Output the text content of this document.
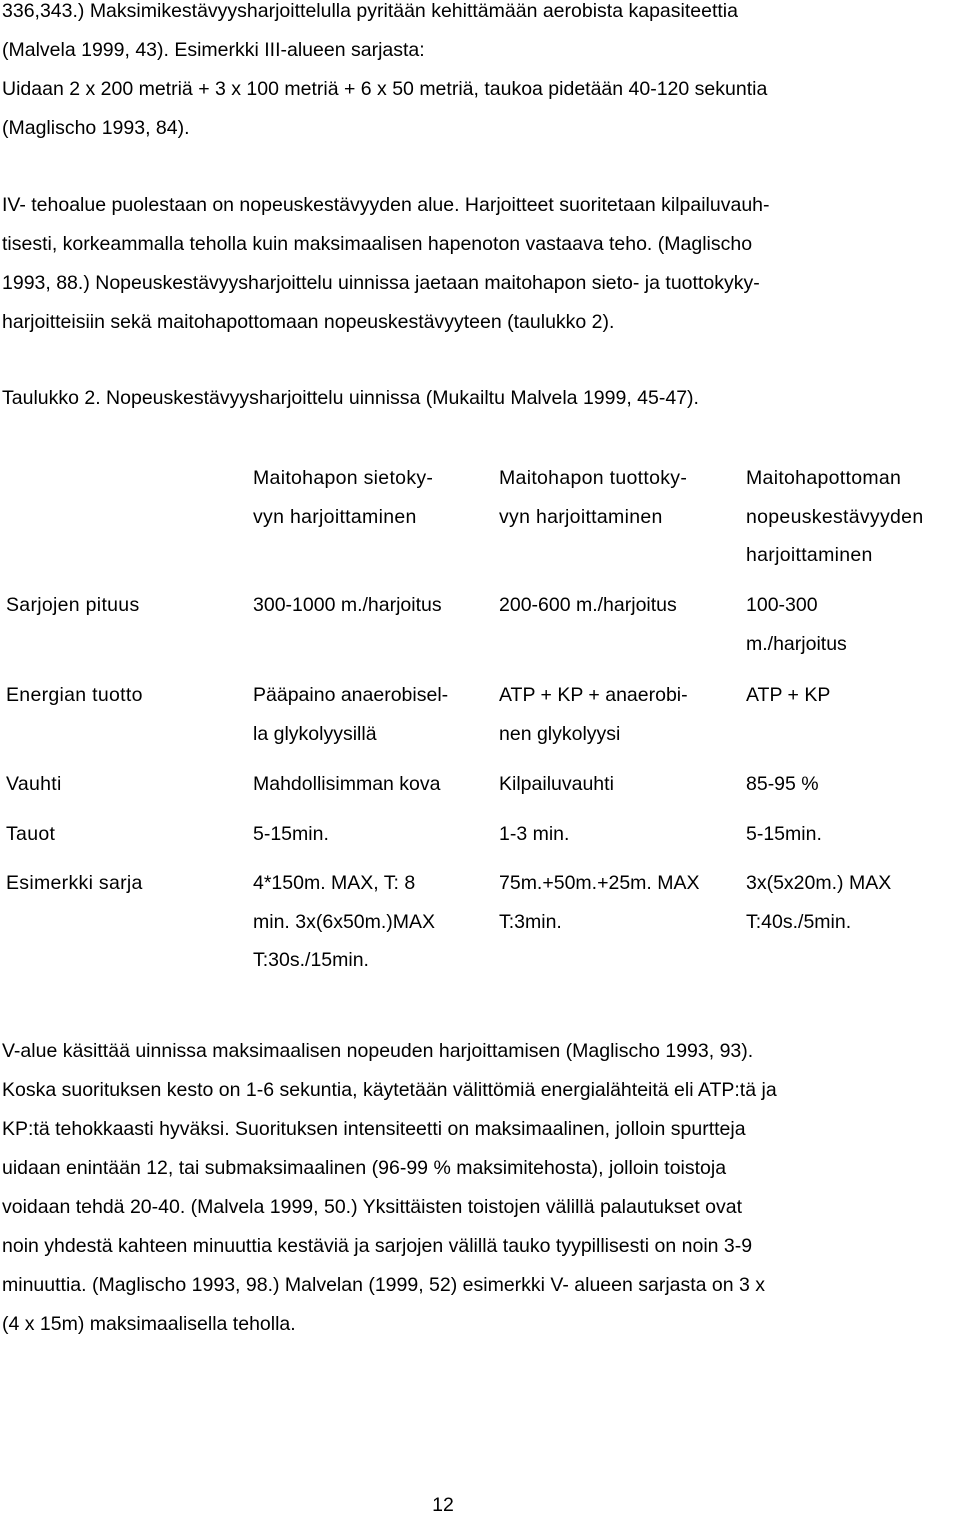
336,343.) Maksimikestävyysharjoittelulla pyritään kehittämään aerobista kapasiteettia
(Malvela 1999, 43). Esimerkki III-alueen sarjasta:
Uidaan 2 x 200 metriä + 3 x 100 metriä + 6 x 50 metriä, taukoa pidetään 40-120 sekuntia
(Maglischo 1993, 84).

IV- tehoalue puolestaan on nopeuskestävyyden alue. Harjoitteet suoritetaan kilpailuvauh-
tisesti, korkeammalla teholla kuin maksimaalisen hapenoton vastaava teho. (Maglischo
1993, 88.) Nopeuskestävyysharjoittelu uinnissa jaetaan maitohapon sieto- ja tuottokyky-
harjoitteisiin sekä maitohapottomaan nopeuskestävyyteen (taulukko 2).

Taulukko 2. Nopeuskestävyysharjoittelu uinnissa (Mukailtu Malvela 1999, 45-47).

	Maitohapon sietoky-
vyn harjoittaminen	Maitohapon tuottoky-
vyn harjoittaminen	Maitohapottoman
nopeuskestävyyden
harjoittaminen

Sarjojen pituus	300-1000 m./harjoitus	200-600 m./harjoitus	100-300
m./harjoitus

Energian tuotto	Pääpaino anaerobisel-
la glykolyysillä	ATP + KP + anaerobi-
nen glykolyysi	ATP + KP

Vauhti	Mahdollisimman kova	Kilpailuvauhti	85-95 %

Tauot	5-15min.	1-3 min.	5-15min.

Esimerkki sarja	4*150m. MAX, T: 8
min. 3x(6x50m.)MAX
T:30s./15min.	75m.+50m.+25m. MAX
T:3min.	3x(5x20m.) MAX
T:40s./5min.

V-alue käsittää uinnissa maksimaalisen nopeuden harjoittamisen (Maglischo 1993, 93).
Koska suorituksen kesto on 1-6 sekuntia, käytetään välittömiä energialähteitä eli ATP:tä ja
KP:tä tehokkaasti hyväksi. Suorituksen intensiteetti on maksimaalinen, jolloin spurtteja
uidaan enintään 12, tai submaksimaalinen (96-99 % maksimitehosta), jolloin toistoja
voidaan tehdä 20-40. (Malvela 1999, 50.) Yksittäisten toistojen välillä palautukset ovat
noin yhdestä kahteen minuuttia kestäviä ja sarjojen välillä tauko tyypillisesti on noin 3-9
minuuttia. (Maglischo 1993, 98.) Malvelan (1999, 52) esimerkki V- alueen sarjasta on 3 x
(4 x 15m) maksimaalisella teholla.

12
